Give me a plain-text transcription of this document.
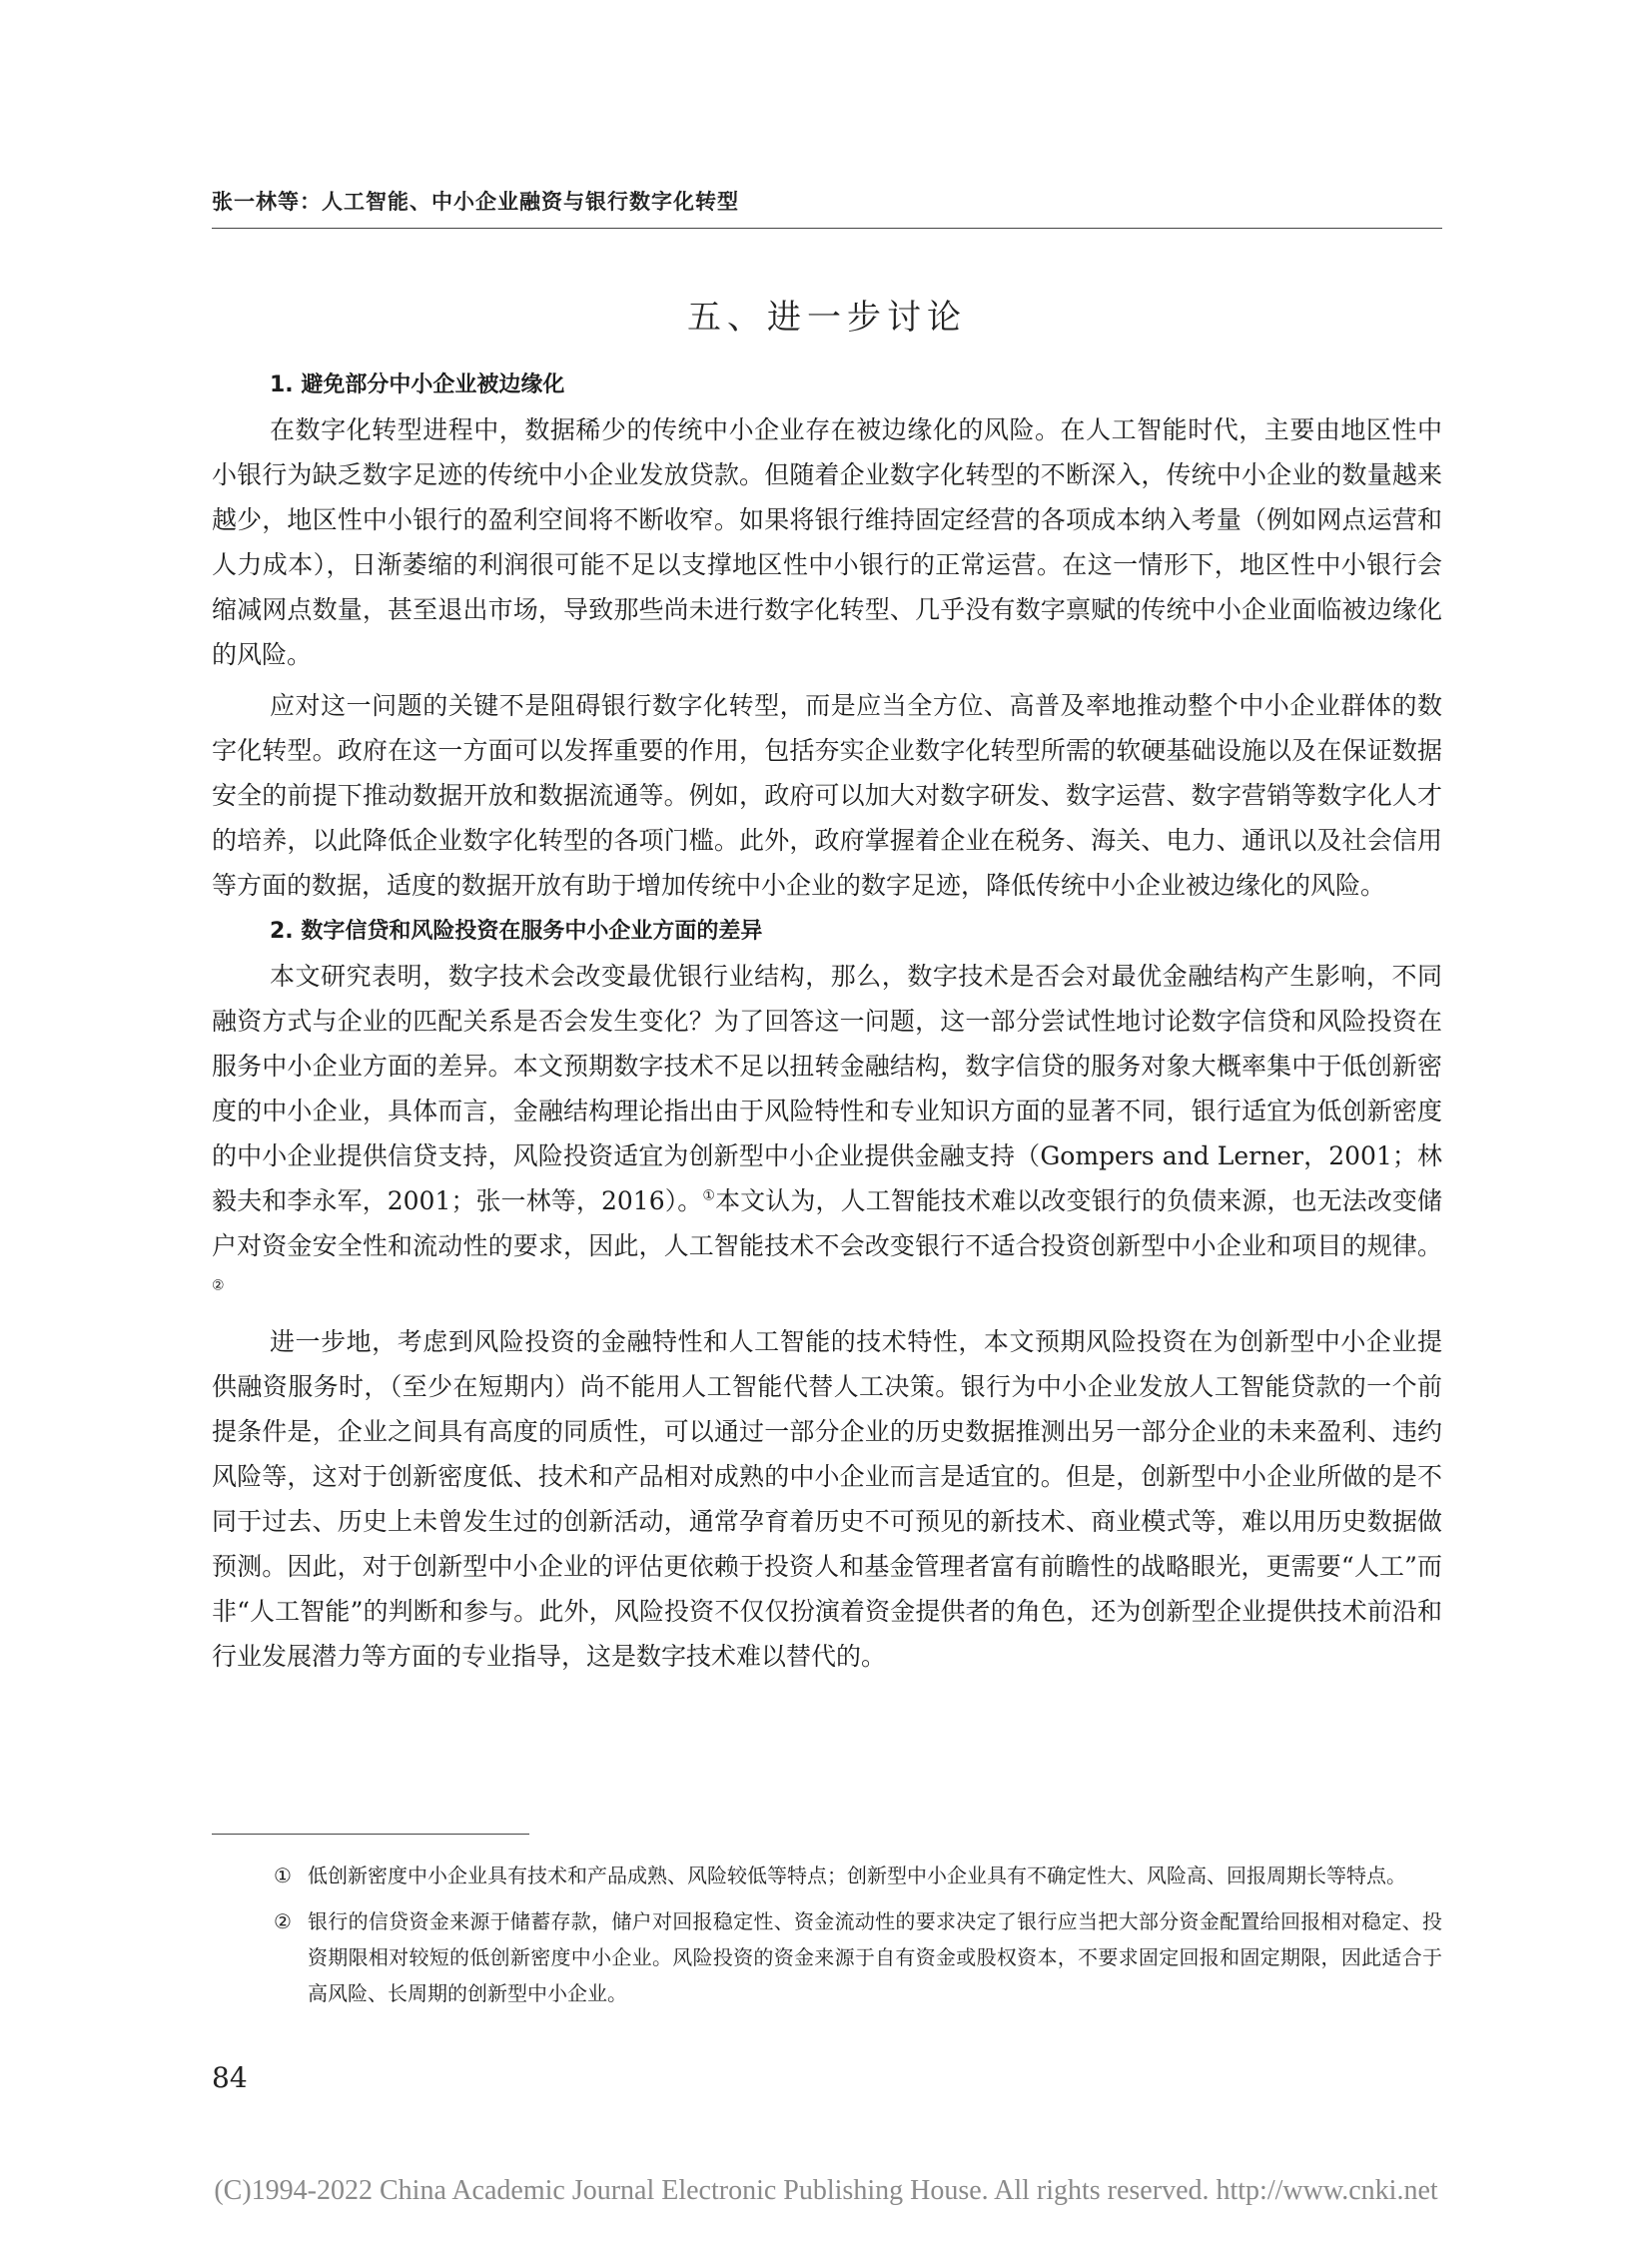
张一林等：人工智能、中小企业融资与银行数字化转型
五、进一步讨论
1. 避免部分中小企业被边缘化

在数字化转型进程中，数据稀少的传统中小企业存在被边缘化的风险。在人工智能时代，主要由地区性中小银行为缺乏数字足迹的传统中小企业发放贷款。但随着企业数字化转型的不断深入，传统中小企业的数量越来越少，地区性中小银行的盈利空间将不断收窄。如果将银行维持固定经营的各项成本纳入考量（例如网点运营和人力成本），日渐萎缩的利润很可能不足以支撑地区性中小银行的正常运营。在这一情形下，地区性中小银行会缩减网点数量，甚至退出市场，导致那些尚未进行数字化转型、几乎没有数字禀赋的传统中小企业面临被边缘化的风险。

应对这一问题的关键不是阻碍银行数字化转型，而是应当全方位、高普及率地推动整个中小企业群体的数字化转型。政府在这一方面可以发挥重要的作用，包括夯实企业数字化转型所需的软硬基础设施以及在保证数据安全的前提下推动数据开放和数据流通等。例如，政府可以加大对数字研发、数字运营、数字营销等数字化人才的培养，以此降低企业数字化转型的各项门槛。此外，政府掌握着企业在税务、海关、电力、通讯以及社会信用等方面的数据，适度的数据开放有助于增加传统中小企业的数字足迹，降低传统中小企业被边缘化的风险。

2. 数字信贷和风险投资在服务中小企业方面的差异

本文研究表明，数字技术会改变最优银行业结构，那么，数字技术是否会对最优金融结构产生影响，不同融资方式与企业的匹配关系是否会发生变化？为了回答这一问题，这一部分尝试性地讨论数字信贷和风险投资在服务中小企业方面的差异。本文预期数字技术不足以扭转金融结构，数字信贷的服务对象大概率集中于低创新密度的中小企业，具体而言，金融结构理论指出由于风险特性和专业知识方面的显著不同，银行适宜为低创新密度的中小企业提供信贷支持，风险投资适宜为创新型中小企业提供金融支持（Gompers and Lerner，2001；林毅夫和李永军，2001；张一林等，2016）。①本文认为，人工智能技术难以改变银行的负债来源，也无法改变储户对资金安全性和流动性的要求，因此，人工智能技术不会改变银行不适合投资创新型中小企业和项目的规律。②

进一步地，考虑到风险投资的金融特性和人工智能的技术特性，本文预期风险投资在为创新型中小企业提供融资服务时，（至少在短期内）尚不能用人工智能代替人工决策。银行为中小企业发放人工智能贷款的一个前提条件是，企业之间具有高度的同质性，可以通过一部分企业的历史数据推测出另一部分企业的未来盈利、违约风险等，这对于创新密度低、技术和产品相对成熟的中小企业而言是适宜的。但是，创新型中小企业所做的是不同于过去、历史上未曾发生过的创新活动，通常孕育着历史不可预见的新技术、商业模式等，难以用历史数据做预测。因此，对于创新型中小企业的评估更依赖于投资人和基金管理者富有前瞻性的战略眼光，更需要“人工”而非“人工智能”的判断和参与。此外，风险投资不仅仅扮演着资金提供者的角色，还为创新型企业提供技术前沿和行业发展潜力等方面的专业指导，这是数字技术难以替代的。

① 低创新密度中小企业具有技术和产品成熟、风险较低等特点；创新型中小企业具有不确定性大、风险高、回报周期长等特点。
② 银行的信贷资金来源于储蓄存款，储户对回报稳定性、资金流动性的要求决定了银行应当把大部分资金配置给回报相对稳定、投资期限相对较短的低创新密度中小企业。风险投资的资金来源于自有资金或股权资本，不要求固定回报和固定期限，因此适合于高风险、长周期的创新型中小企业。
84
(C)1994-2022 China Academic Journal Electronic Publishing House. All rights reserved. http://www.cnki.net
